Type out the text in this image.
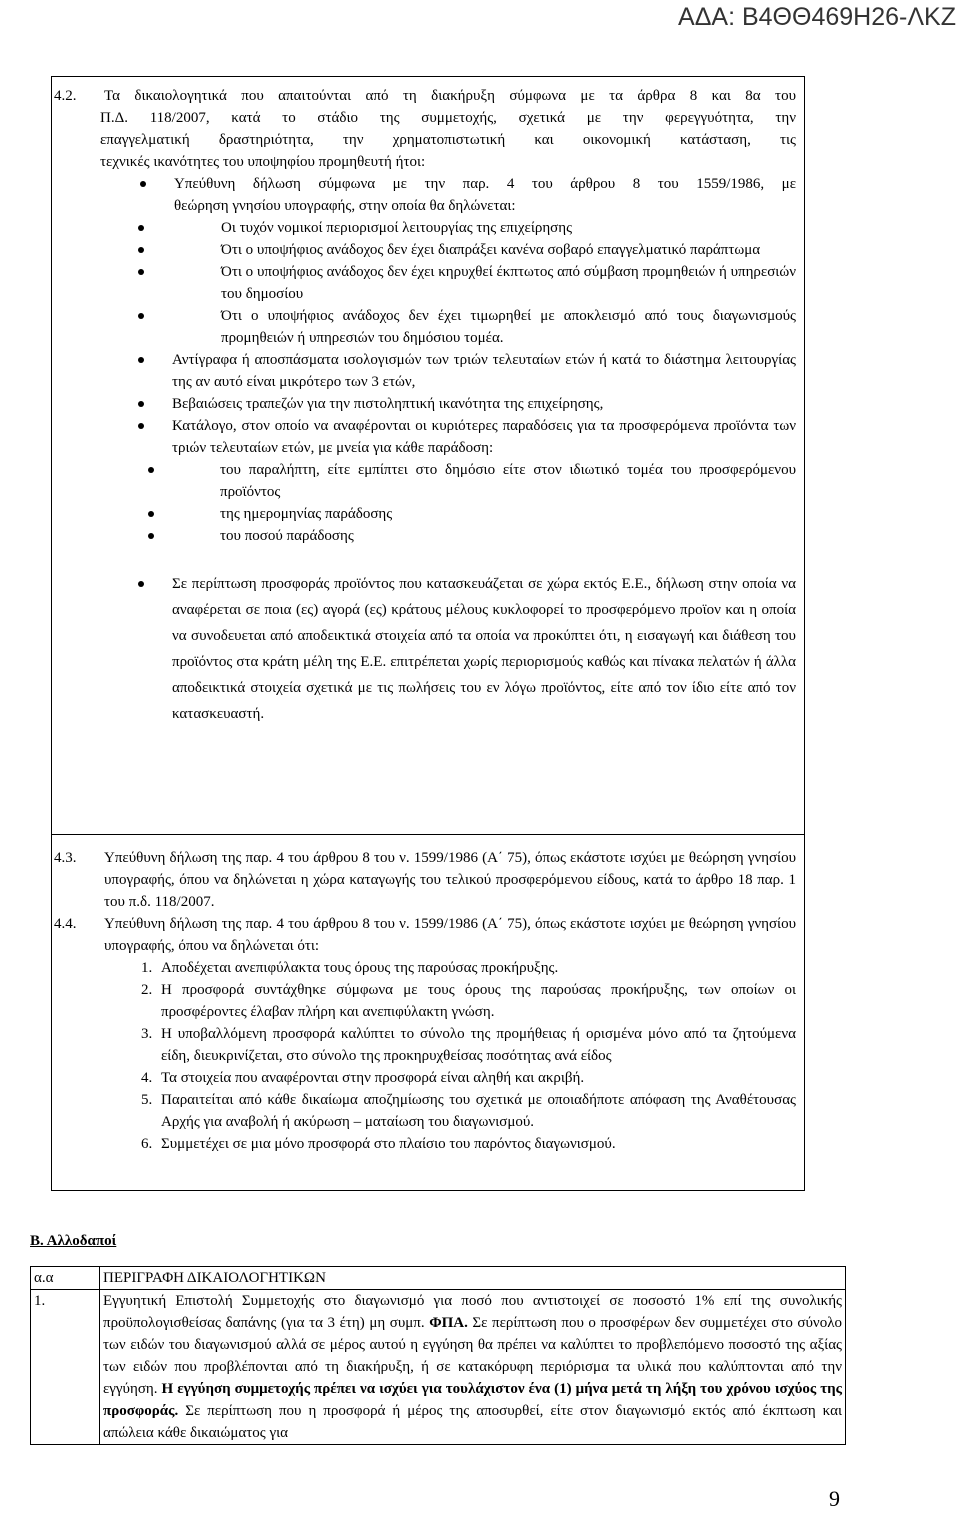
ΑΔΑ: Β4ΘΘ469Η26-ΛΚΖ
4.2. Τα δικαιολογητικά που απαιτούνται από τη διακήρυξη σύμφωνα με τα άρθρα 8 και 8α του
Π.Δ. 118/2007, κατά το στάδιο της συμμετοχής, σχετικά με την φερεγγυότητα, την
επαγγελματική δραστηριότητα, την χρηματοπιστωτική και οικονομική κατάσταση, τις
τεχνικές ικανότητες του υποψηφίου προμηθευτή ήτοι:
Υπεύθυνη δήλωση σύμφωνα με την παρ. 4 του άρθρου 8 του 1559/1986, με
θεώρηση γνησίου υπογραφής, στην οποία θα δηλώνεται:
Οι τυχόν νομικοί περιορισμοί λειτουργίας της επιχείρησης
Ότι ο υποψήφιος ανάδοχος δεν έχει διαπράξει κανένα σοβαρό επαγγελματικό παράπτωμα
Ότι ο υποψήφιος ανάδοχος δεν έχει κηρυχθεί έκπτωτος από σύμβαση προμηθειών ή υπηρεσιών του δημοσίου
Ότι ο υποψήφιος ανάδοχος δεν έχει τιμωρηθεί με αποκλεισμό από τους διαγωνισμούς προμηθειών ή υπηρεσιών του δημόσιου τομέα.
Αντίγραφα ή αποσπάσματα ισολογισμών των τριών τελευταίων ετών ή κατά το διάστημα λειτουργίας της αν αυτό είναι μικρότερο των 3 ετών,
Βεβαιώσεις τραπεζών για την πιστοληπτική ικανότητα της επιχείρησης,
Κατάλογο, στον οποίο να αναφέρονται οι κυριότερες παραδόσεις για τα προσφερόμενα προϊόντα των τριών τελευταίων ετών, με μνεία για κάθε παράδοση:
του παραλήπτη, είτε εμπίπτει στο δημόσιο είτε στον ιδιωτικό τομέα του προσφερόμενου προϊόντος
της ημερομηνίας παράδοσης
του ποσού παράδοσης
Σε περίπτωση προσφοράς προϊόντος που κατασκευάζεται σε χώρα εκτός Ε.Ε., δήλωση στην οποία να αναφέρεται σε ποια (ες) αγορά (ες) κράτους μέλους κυκλοφορεί το προσφερόμενο προϊον και η οποία να συνοδευεται από αποδεικτικά στοιχεία από τα οποία να προκύπτει ότι, η εισαγωγή και διάθεση του προϊόντος στα κράτη μέλη της Ε.Ε. επιτρέπεται χωρίς περιορισμούς καθώς και πίνακα πελατών ή άλλα αποδεικτικά στοιχεία σχετικά με τις πωλήσεις του εν λόγω προϊόντος, είτε από τον ίδιο είτε από τον κατασκευαστή.
4.3. Υπεύθυνη δήλωση της παρ. 4 του άρθρου 8 του ν. 1599/1986 (Α΄ 75), όπως εκάστοτε ισχύει με θεώρηση γνησίου υπογραφής, όπου να δηλώνεται η χώρα καταγωγής του τελικού προσφερόμενου είδους, κατά το άρθρο 18 παρ. 1 του π.δ. 118/2007.
4.4. Υπεύθυνη δήλωση της παρ. 4 του άρθρου 8 του ν. 1599/1986 (Α΄ 75), όπως εκάστοτε ισχύει με θεώρηση γνησίου υπογραφής, όπου να δηλώνεται ότι:
1. Αποδέχεται ανεπιφύλακτα τους όρους της παρούσας προκήρυξης.
2. Η προσφορά συντάχθηκε σύμφωνα με τους όρους της παρούσας προκήρυξης, των οποίων οι προσφέροντες έλαβαν πλήρη και ανεπιφύλακτη γνώση.
3. Η υποβαλλόμενη προσφορά καλύπτει το σύνολο της προμήθειας ή ορισμένα μόνο από τα ζητούμενα είδη, διευκρινίζεται, στο σύνολο της προκηρυχθείσας ποσότητας ανά είδος
4. Τα στοιχεία που αναφέρονται στην προσφορά είναι αληθή και ακριβή.
5. Παραιτείται από κάθε δικαίωμα αποζημίωσης του σχετικά με οποιαδήποτε απόφαση της Αναθέτουσας Αρχής για αναβολή ή ακύρωση – ματαίωση του διαγωνισμού.
6. Συμμετέχει σε μια μόνο προσφορά στο πλαίσιο του παρόντος διαγωνισμού.
Β. Αλλοδαποί
α.α	ΠΕΡΙΓΡΑΦΗ ΔΙΚΑΙΟΛΟΓΗΤΙΚΩΝ
1.	Εγγυητική Επιστολή Συμμετοχής στο διαγωνισμό για ποσό που αντιστοιχεί σε ποσοστό 1% επί της συνολικής προϋπολογισθείσας δαπάνης (για τα 3 έτη) μη συμπ. ΦΠΑ. Σε περίπτωση που ο προσφέρων δεν συμμετέχει στο σύνολο των ειδών του διαγωνισμού αλλά σε μέρος αυτού η εγγύηση θα πρέπει να καλύπτει το προβλεπόμενο ποσοστό της αξίας των ειδών που προβλέπονται από τη διακήρυξη, ή σε κατακόρυφη περιόρισμα τα υλικά που καλύπτονται από την εγγύηση. Η εγγύηση συμμετοχής πρέπει να ισχύει για τουλάχιστον ένα (1) μήνα μετά τη λήξη του χρόνου ισχύος της προσφοράς. Σε περίπτωση που η προσφορά ή μέρος της αποσυρθεί, είτε στον διαγωνισμό εκτός από έκπτωση και απώλεια κάθε δικαιώματος για
9
